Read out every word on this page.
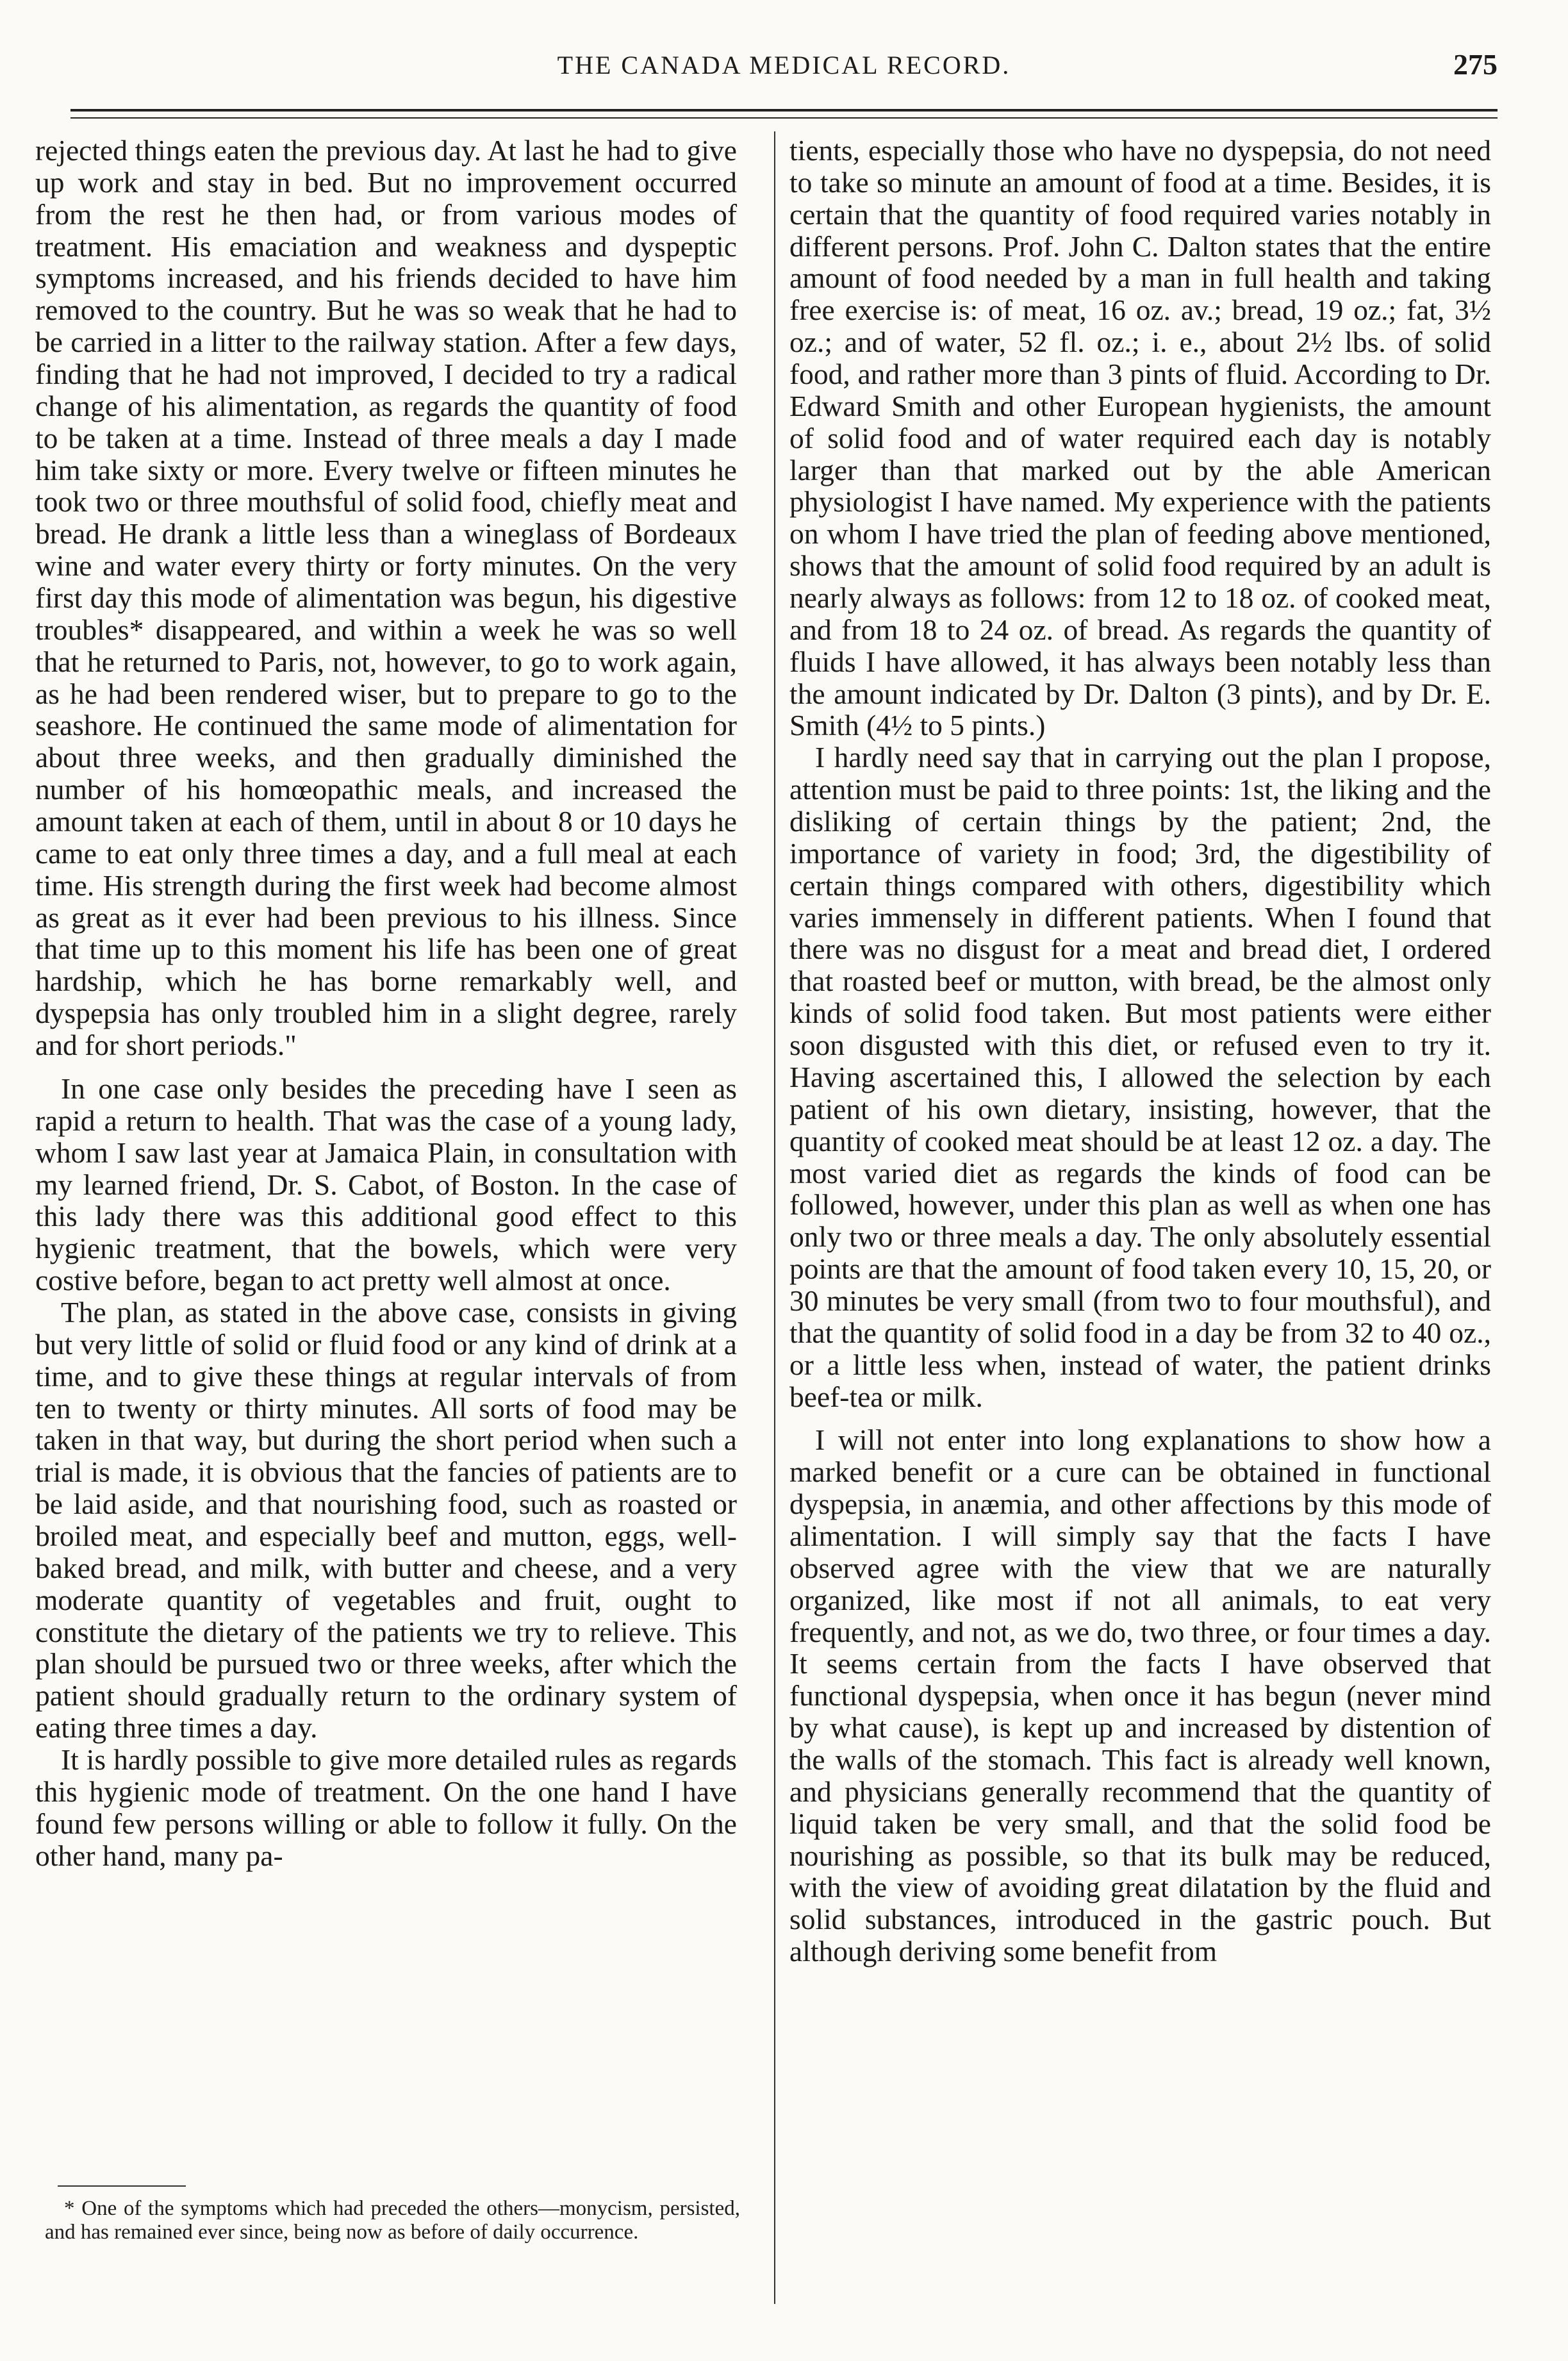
THE CANADA MEDICAL RECORD.	275

rejected things eaten the previous day. At last he had to give up work and stay in bed. But no improvement occurred from the rest he then had, or from various modes of treatment. His emaciation and weakness and dyspeptic symptoms increased, and his friends decided to have him removed to the country. But he was so weak that he had to be carried in a litter to the railway station. After a few days, finding that he had not improved, I decided to try a radical change of his alimentation, as regards the quantity of food to be taken at a time. Instead of three meals a day I made him take sixty or more. Every twelve or fifteen minutes he took two or three mouthsful of solid food, chiefly meat and bread. He drank a little less than a wineglass of Bordeaux wine and water every thirty or forty minutes. On the very first day this mode of alimentation was begun, his digestive troubles* disappeared, and within a week he was so well that he returned to Paris, not, however, to go to work again, as he had been rendered wiser, but to prepare to go to the seashore. He continued the same mode of alimentation for about three weeks, and then gradually diminished the number of his homœopathic meals, and increased the amount taken at each of them, until in about 8 or 10 days he came to eat only three times a day, and a full meal at each time. His strength during the first week had become almost as great as it ever had been previous to his illness. Since that time up to this moment his life has been one of great hardship, which he has borne remarkably well, and dyspepsia has only troubled him in a slight degree, rarely and for short periods."

In one case only besides the preceding have I seen as rapid a return to health. That was the case of a young lady, whom I saw last year at Jamaica Plain, in consultation with my learned friend, Dr. S. Cabot, of Boston. In the case of this lady there was this additional good effect to this hygienic treatment, that the bowels, which were very costive before, began to act pretty well almost at once.

The plan, as stated in the above case, consists in giving but very little of solid or fluid food or any kind of drink at a time, and to give these things at regular intervals of from ten to twenty or thirty minutes. All sorts of food may be taken in that way, but during the short period when such a trial is made, it is obvious that the fancies of patients are to be laid aside, and that nourishing food, such as roasted or broiled meat, and especially beef and mutton, eggs, well-baked bread, and milk, with butter and cheese, and a very moderate quantity of vegetables and fruit, ought to constitute the dietary of the patients we try to relieve. This plan should be pursued two or three weeks, after which the patient should gradually return to the ordinary system of eating three times a day.

It is hardly possible to give more detailed rules as regards this hygienic mode of treatment. On the one hand I have found few persons willing or able to follow it fully. On the other hand, many pa-

tients, especially those who have no dyspepsia, do not need to take so minute an amount of food at a time. Besides, it is certain that the quantity of food required varies notably in different persons. Prof. John C. Dalton states that the entire amount of food needed by a man in full health and taking free exercise is: of meat, 16 oz. av.; bread, 19 oz.; fat, 3½ oz.; and of water, 52 fl. oz.; i. e., about 2½ lbs. of solid food, and rather more than 3 pints of fluid. According to Dr. Edward Smith and other European hygienists, the amount of solid food and of water required each day is notably larger than that marked out by the able American physiologist I have named. My experience with the patients on whom I have tried the plan of feeding above mentioned, shows that the amount of solid food required by an adult is nearly always as follows: from 12 to 18 oz. of cooked meat, and from 18 to 24 oz. of bread. As regards the quantity of fluids I have allowed, it has always been notably less than the amount indicated by Dr. Dalton (3 pints), and by Dr. E. Smith (4½ to 5 pints.)

I hardly need say that in carrying out the plan I propose, attention must be paid to three points: 1st, the liking and the disliking of certain things by the patient; 2nd, the importance of variety in food; 3rd, the digestibility of certain things compared with others, digestibility which varies immensely in different patients. When I found that there was no disgust for a meat and bread diet, I ordered that roasted beef or mutton, with bread, be the almost only kinds of solid food taken. But most patients were either soon disgusted with this diet, or refused even to try it. Having ascertained this, I allowed the selection by each patient of his own dietary, insisting, however, that the quantity of cooked meat should be at least 12 oz. a day. The most varied diet as regards the kinds of food can be followed, however, under this plan as well as when one has only two or three meals a day. The only absolutely essential points are that the amount of food taken every 10, 15, 20, or 30 minutes be very small (from two to four mouthsful), and that the quantity of solid food in a day be from 32 to 40 oz., or a little less when, instead of water, the patient drinks beef-tea or milk.

I will not enter into long explanations to show how a marked benefit or a cure can be obtained in functional dyspepsia, in anæmia, and other affections by this mode of alimentation. I will simply say that the facts I have observed agree with the view that we are naturally organized, like most if not all animals, to eat very frequently, and not, as we do, two three, or four times a day. It seems certain from the facts I have observed that functional dyspepsia, when once it has begun (never mind by what cause), is kept up and increased by distention of the walls of the stomach. This fact is already well known, and physicians generally recommend that the quantity of liquid taken be very small, and that the solid food be nourishing as possible, so that its bulk may be reduced, with the view of avoiding great dilatation by the fluid and solid substances, introduced in the gastric pouch. But although deriving some benefit from

* One of the symptoms which had preceded the others—monycism, persisted, and has remained ever since, being now as before of daily occurrence.
